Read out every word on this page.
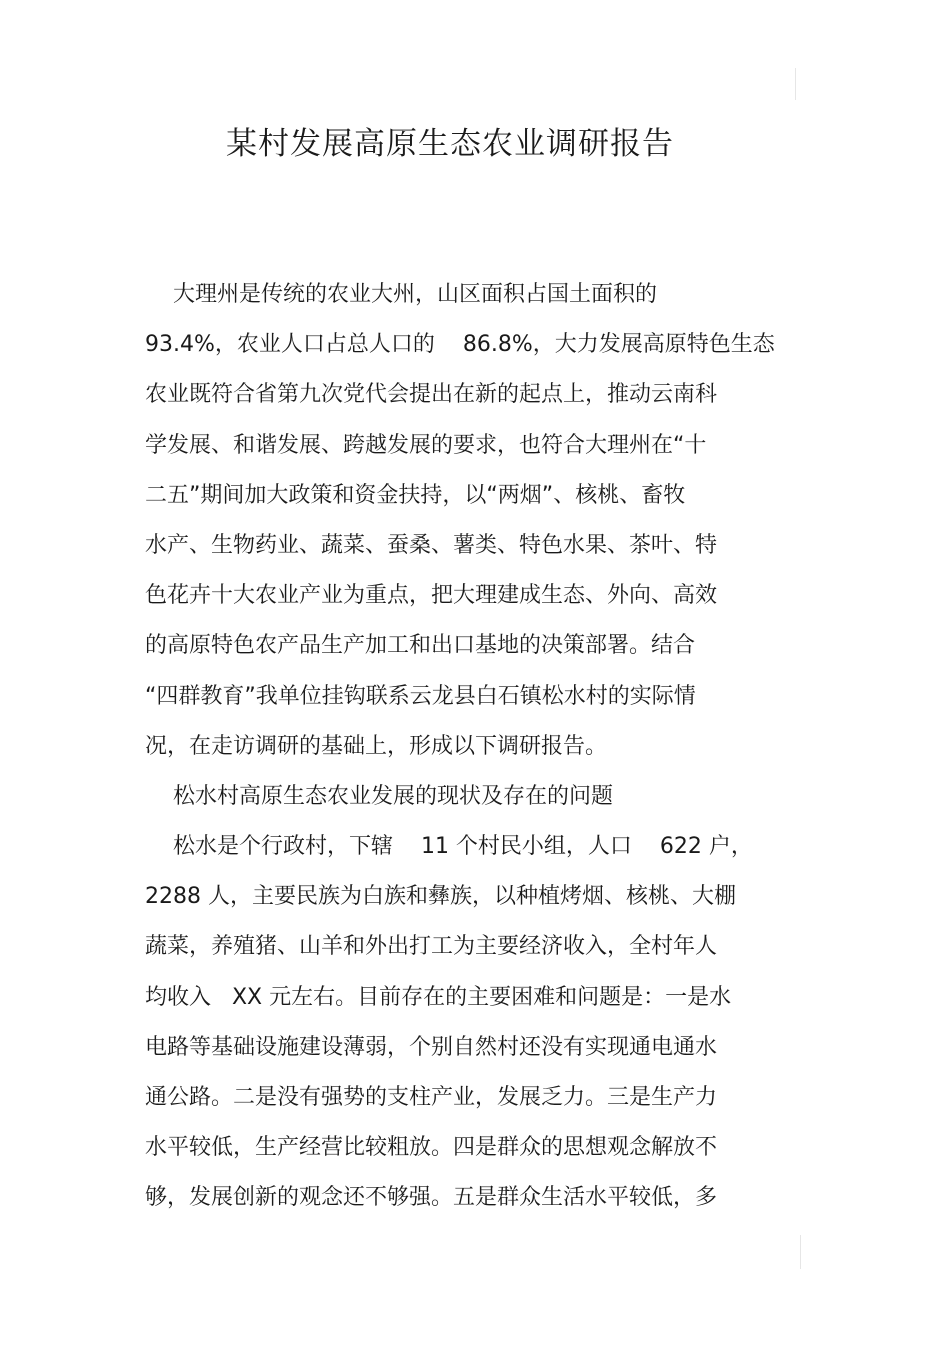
某村发展高原生态农业调研报告
大理州是传统的农业大州，山区面积占国土面积的
93.4%，农业人口占总人口的    86.8%，大力发展高原特色生态
农业既符合省第九次党代会提出在新的起点上，推动云南科
学发展、和谐发展、跨越发展的要求，也符合大理州在“十
二五”期间加大政策和资金扶持，以“两烟”、核桃、畜牧
水产、生物药业、蔬菜、蚕桑、薯类、特色水果、茶叶、特
色花卉十大农业产业为重点，把大理建成生态、外向、高效
的高原特色农产品生产加工和出口基地的决策部署。结合
“四群教育”我单位挂钩联系云龙县白石镇松水村的实际情
况，在走访调研的基础上，形成以下调研报告。
松水村高原生态农业发展的现状及存在的问题
松水是个行政村，下辖    11 个村民小组，人口    622 户，
2288 人，主要民族为白族和彝族，以种植烤烟、核桃、大棚
蔬菜，养殖猪、山羊和外出打工为主要经济收入，全村年人
均收入   XX 元左右。目前存在的主要困难和问题是：一是水
电路等基础设施建设薄弱，个别自然村还没有实现通电通水
通公路。二是没有强势的支柱产业，发展乏力。三是生产力
水平较低，生产经营比较粗放。四是群众的思想观念解放不
够，发展创新的观念还不够强。五是群众生活水平较低，多
